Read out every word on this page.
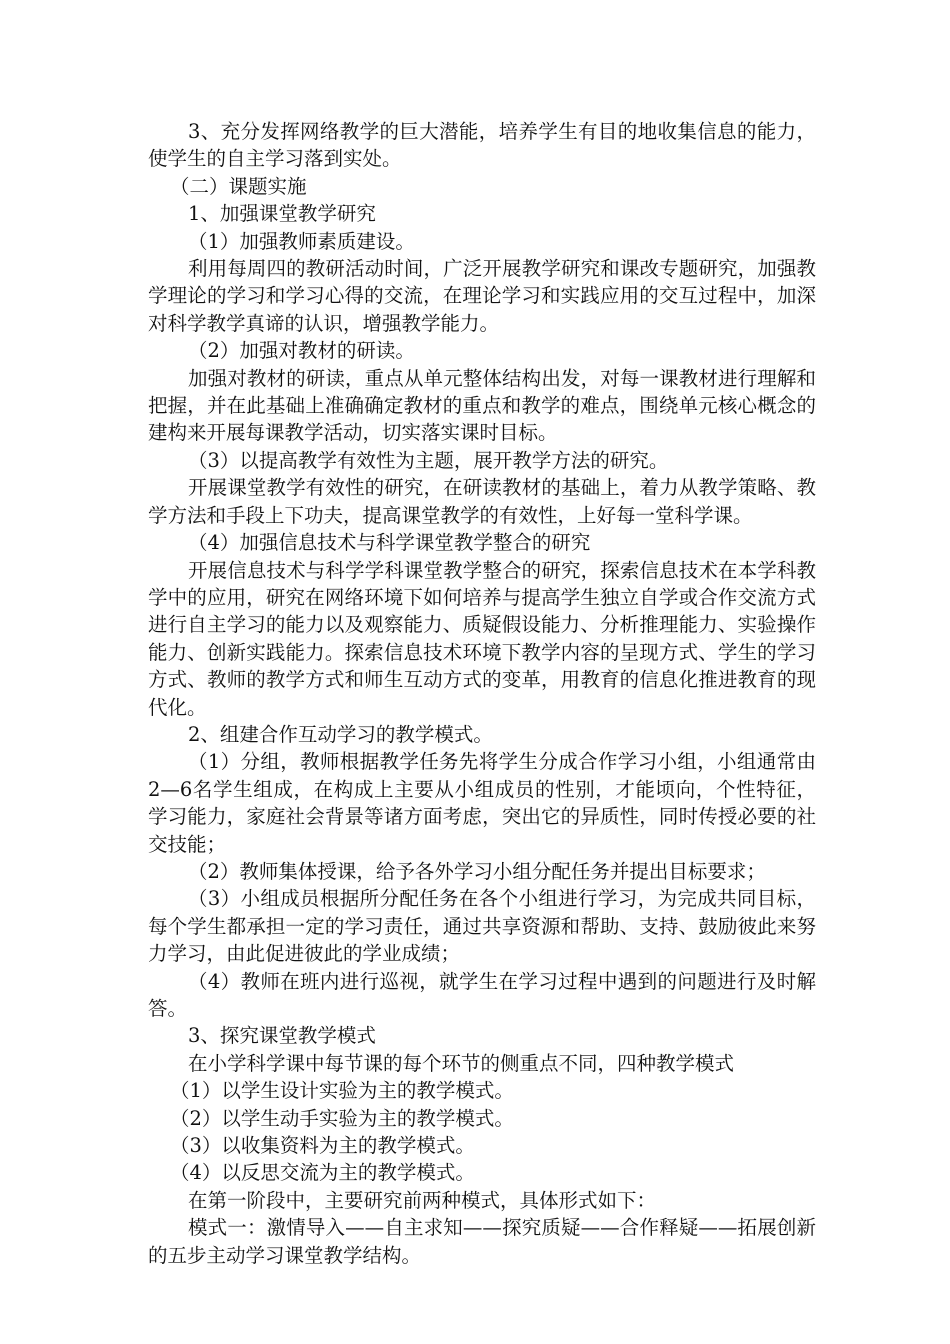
3、充分发挥网络教学的巨大潜能，培养学生有目的地收集信息的能力，使学生的自主学习落到实处。

（二）课题实施

1、加强课堂教学研究

（1）加强教师素质建设。

利用每周四的教研活动时间，广泛开展教学研究和课改专题研究，加强教学理论的学习和学习心得的交流，在理论学习和实践应用的交互过程中，加深对科学教学真谛的认识，增强教学能力。

（2）加强对教材的研读。

加强对教材的研读，重点从单元整体结构出发，对每一课教材进行理解和把握，并在此基础上准确确定教材的重点和教学的难点，围绕单元核心概念的建构来开展每课教学活动，切实落实课时目标。

（3）以提高教学有效性为主题，展开教学方法的研究。

开展课堂教学有效性的研究，在研读教材的基础上，着力从教学策略、教学方法和手段上下功夫，提高课堂教学的有效性，上好每一堂科学课。

（4）加强信息技术与科学课堂教学整合的研究

开展信息技术与科学学科课堂教学整合的研究，探索信息技术在本学科教学中的应用，研究在网络环境下如何培养与提高学生独立自学或合作交流方式进行自主学习的能力以及观察能力、质疑假设能力、分析推理能力、实验操作能力、创新实践能力。探索信息技术环境下教学内容的呈现方式、学生的学习方式、教师的教学方式和师生互动方式的变革，用教育的信息化推进教育的现代化。

2、组建合作互动学习的教学模式。

（1）分组，教师根据教学任务先将学生分成合作学习小组，小组通常由2—6名学生组成，在构成上主要从小组成员的性别，才能顷向，个性特征，学习能力，家庭社会背景等诸方面考虑，突出它的异质性，同时传授必要的社交技能；

（2）教师集体授课，给予各外学习小组分配任务并提出目标要求；

（3）小组成员根据所分配任务在各个小组进行学习，为完成共同目标，每个学生都承担一定的学习责任，通过共享资源和帮助、支持、鼓励彼此来努力学习，由此促进彼此的学业成绩；

（4）教师在班内进行巡视，就学生在学习过程中遇到的问题进行及时解答。

3、探究课堂教学模式

在小学科学课中每节课的每个环节的侧重点不同，四种教学模式

（1）以学生设计实验为主的教学模式。

（2）以学生动手实验为主的教学模式。

（3）以收集资料为主的教学模式。

（4）以反思交流为主的教学模式。

在第一阶段中，主要研究前两种模式，具体形式如下：

模式一：激情导入——自主求知——探究质疑——合作释疑——拓展创新的五步主动学习课堂教学结构。
